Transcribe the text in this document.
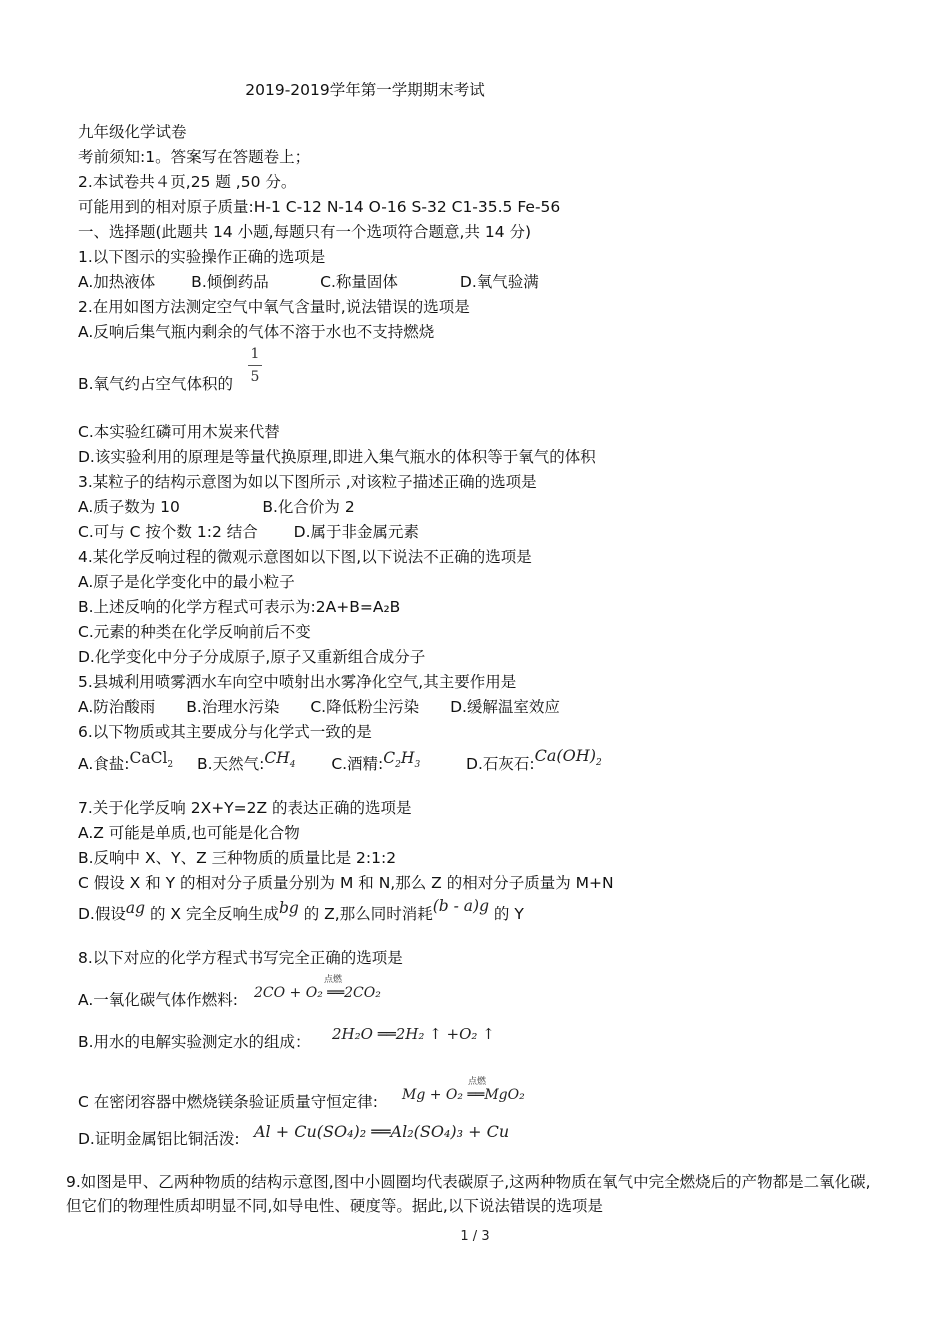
2019-2019学年第一学期期末考试
九年级化学试卷
考前须知:1。答案写在答题卷上；
2.本试卷共４页,25 题 ,50 分。
可能用到的相对原子质量:H-1 C-12 N-14 O-16 S-32 C1-35.5 Fe-56
一、选择题(此题共 14 小题,每题只有一个选项符合题意,共 14 分)
1.以下图示的实验操作正确的选项是
A.加热液体　　 B.倾倒药品　　　 C.称量固体　　　　D.氧气验满
2.在用如图方法测定空气中氧气含量时,说法错误的选项是
A.反响后集气瓶内剩余的气体不溶于水也不支持燃烧
B.氧气约占空气体积的
1
5
C.本实验红磷可用木炭来代替
D.该实验利用的原理是等量代换原理,即进入集气瓶水的体积等于氧气的体积
3.某粒子的结构示意图为如以下图所示 ,对该粒子描述正确的选项是
A.质子数为 10　　　　　 B.化合价为 2
C.可与 C 按个数 1:2 结合　　 D.属于非金属元素
4.某化学反响过程的微观示意图如以下图,以下说法不正确的选项是
A.原子是化学变化中的最小粒子
B.上述反响的化学方程式可表示为:2A+B=A₂B
C.元素的种类在化学反响前后不变
D.化学变化中分子分成原子,原子又重新组合成分子
5.县城利用喷雾洒水车向空中喷射出水雾净化空气,其主要作用是
A.防治酸雨　　B.治理水污染　　C.降低粉尘污染　　D.缓解温室效应
6.以下物质或其主要成分与化学式一致的是
A.食盐:CaCl$_2$ B.天然气$:CH_4$ C.酒精$:C_2H_3$	D.石灰石$:Ca(OH)_2$
7.关于化学反响 2X+Y=2Z 的表达正确的选项是
A.Z 可能是单质,也可能是化合物
B.反响中 X、Y、Z 三种物质的质量比是 2:1:2
C 假设 X 和 Y 的相对分子质量分别为 M 和 N,那么 Z 的相对分子质量为 M+N
D.假设ag 的 X 完全反响生成bg 的 Z,那么同时消耗(b - a)g 的 Y
8.以下对应的化学方程式书写完全正确的选项是
A.一氧化碳气体作燃料:
点燃
2CO + O₂ ══2CO₂
B.用水的电解实验测定水的组成： 2H₂O ══2H₂ ↑ +O₂ ↑
C 在密闭容器中燃烧镁条验证质量守恒定律:
点燃
Mg + O₂ ══MgO₂
D.证明金属铝比铜活泼: Al + Cu(SO₄)₂ ══Al₂(SO₄)₃ + Cu
9.如图是甲、乙两种物质的结构示意图,图中小圆圈均代表碳原子,这两种物质在氧气中完全燃烧后的产物都是二氧化碳,但它们的物理性质却明显不同,如导电性、硬度等。据此,以下说法错误的选项是
1 / 3
